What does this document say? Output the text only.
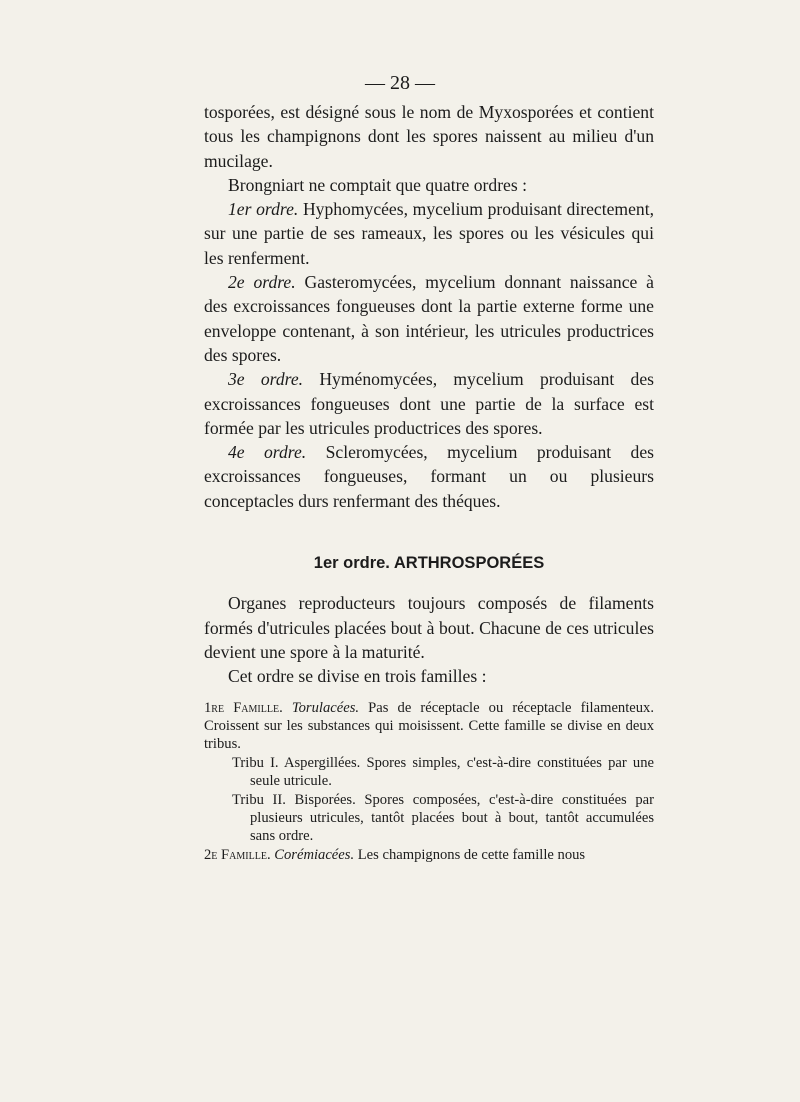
— 28 —

tosporées, est désigné sous le nom de Myxosporées et contient tous les champignons dont les spores naissent au milieu d'un mucilage.

Brongniart ne comptait que quatre ordres :

1er ordre. Hyphomycées, mycelium produisant directement, sur une partie de ses rameaux, les spores ou les vésicules qui les renferment.

2e ordre. Gasteromycées, mycelium donnant naissance à des excroissances fongueuses dont la partie externe forme une enveloppe contenant, à son intérieur, les utricules productrices des spores.

3e ordre. Hyménomycées, mycelium produisant des excroissances fongueuses dont une partie de la surface est formée par les utricules productrices des spores.

4e ordre. Scleromycées, mycelium produisant des excroissances fongueuses, formant un ou plusieurs conceptacles durs renfermant des théques.

1er ordre. ARTHROSPORÉES

Organes reproducteurs toujours composés de filaments formés d'utricules placées bout à bout. Chacune de ces utricules devient une spore à la maturité.

Cet ordre se divise en trois familles :

1re Famille. Torulacées. Pas de réceptacle ou réceptacle filamenteux. Croissent sur les substances qui moisissent. Cette famille se divise en deux tribus.

Tribu I. Aspergillées. Spores simples, c'est-à-dire constituées par une seule utricule.

Tribu II. Bisporées. Spores composées, c'est-à-dire constituées par plusieurs utricules, tantôt placées bout à bout, tantôt accumulées sans ordre.

2e Famille. Corémiacées. Les champignons de cette famille nous
